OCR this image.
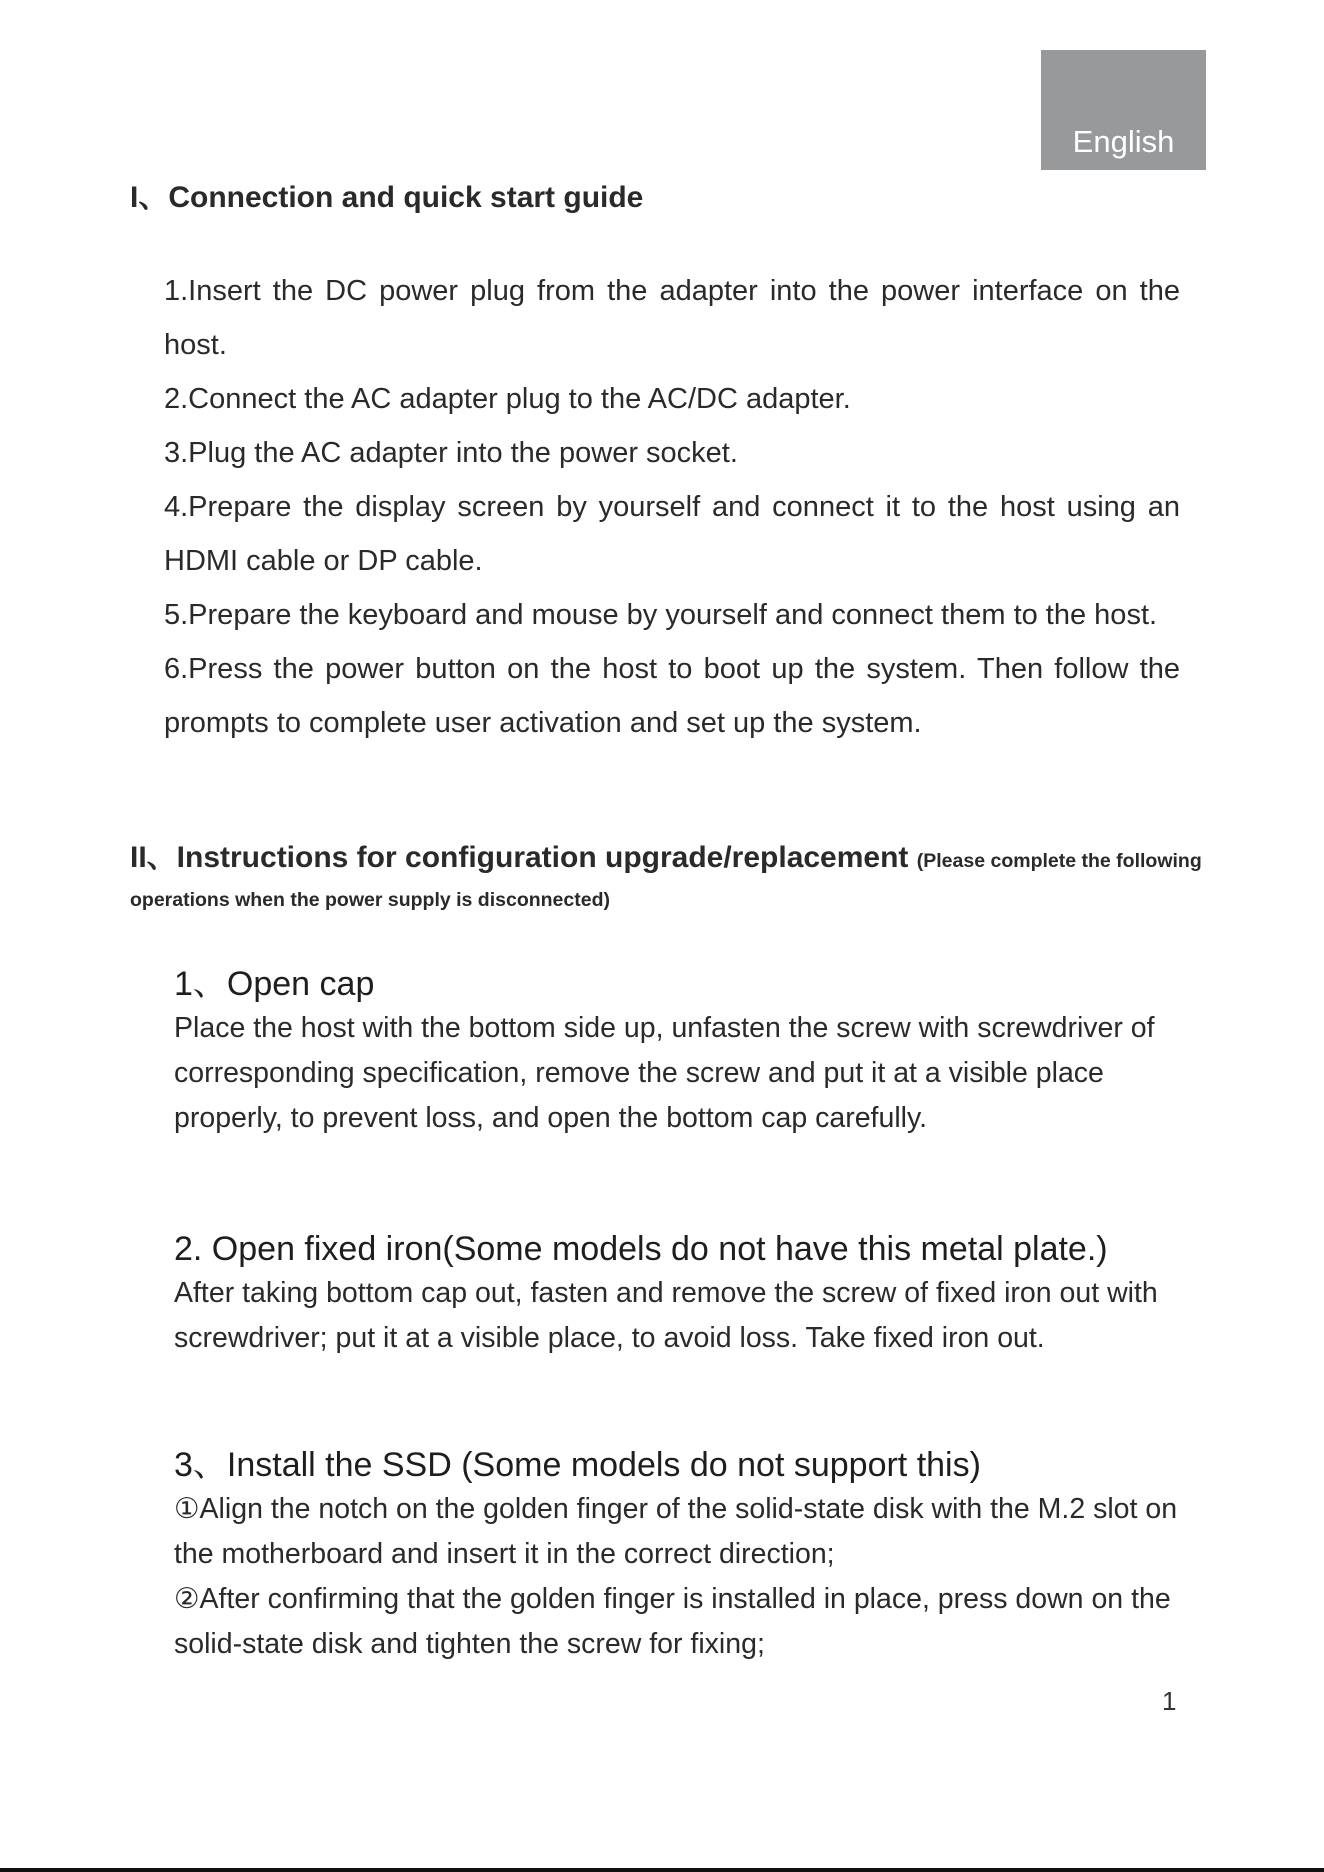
English
I、Connection and quick start guide
1.Insert the DC power plug from the adapter into the power interface on the host.
2.Connect the AC adapter plug to the AC/DC adapter.
3.Plug the AC adapter into the power socket.
4.Prepare the display screen by yourself and connect it to the host using an HDMI cable or DP cable.
5.Prepare the keyboard and mouse by yourself and connect them to the host.
6.Press the power button on the host to boot up the system. Then follow the prompts to complete user activation and set up the system.
II、Instructions for configuration upgrade/replacement (Please complete the following operations when the power supply is disconnected)
1、Open cap

Place the host with the bottom side up, unfasten the screw with screwdriver of corresponding specification, remove the screw and put it at a visible place properly, to prevent loss, and open the bottom cap carefully.

2. Open fixed iron(Some models do not have this metal plate.)

After taking bottom cap out, fasten and remove the screw of fixed iron out with screwdriver; put it at a visible place, to avoid loss. Take fixed iron out.

3、Install the SSD (Some models do not support this)

①Align the notch on the golden finger of the solid-state disk with the M.2 slot on the motherboard and insert it in the correct direction;

②After confirming that the golden finger is installed in place, press down on the solid-state disk and tighten the screw for fixing;

1
